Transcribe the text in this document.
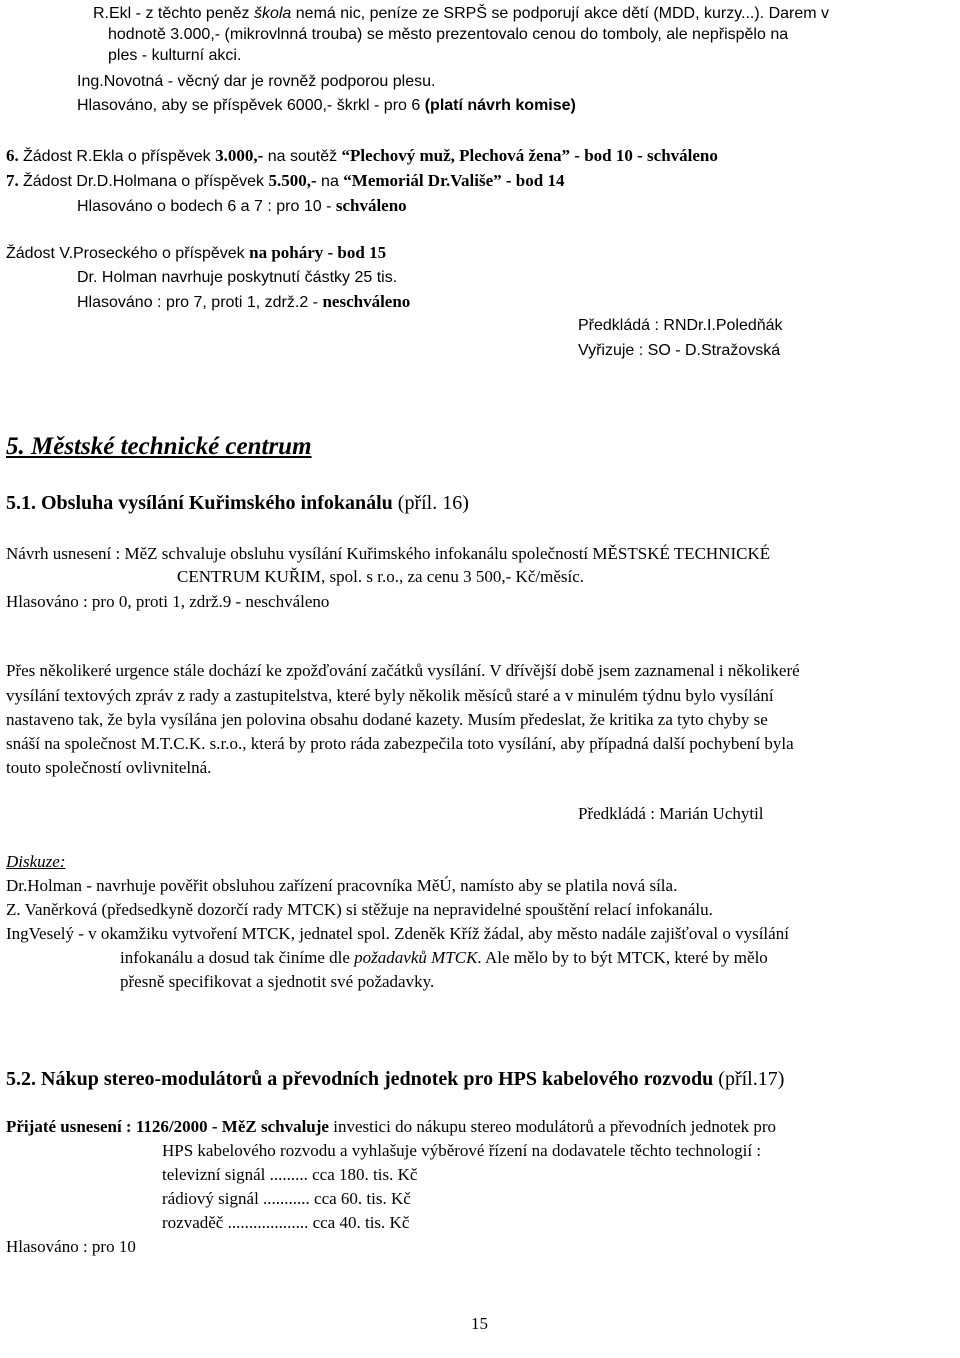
R.Ekl - z těchto peněz škola nemá nic, peníze ze SRPŠ se podporují akce dětí (MDD, kurzy...). Darem v
hodnotě 3.000,- (mikrovlnná trouba) se město prezentovalo cenou do tomboly, ale nepřispělo na
ples - kulturní akci.
Ing.Novotná - věcný dar je rovněž podporou plesu.
Hlasováno, aby se příspěvek 6000,- škrkl - pro 6 (platí návrh komise)
6. Žádost R.Ekla o příspěvek 3.000,- na soutěž “Plechový muž, Plechová žena” - bod 10 - schváleno
7. Žádost Dr.D.Holmana o příspěvek 5.500,- na “Memoriál Dr.Vališe” - bod 14
Hlasováno o bodech 6 a 7 : pro 10 - schváleno
Žádost V.Proseckého o příspěvek na poháry - bod 15
Dr. Holman navrhuje poskytnutí částky 25 tis.
Hlasováno : pro 7, proti 1, zdrž.2 - neschváleno
Předkládá : RNDr.I.Poledňák
Vyřizuje : SO - D.Stražovská
5. Městské technické centrum
5.1. Obsluha vysílání Kuřimského infokanálu (příl. 16)
Návrh usnesení : MěZ schvaluje obsluhu vysílání Kuřimského infokanálu společností MĚSTSKÉ TECHNICKÉ
CENTRUM KUŘIM, spol. s r.o., za cenu 3 500,- Kč/měsíc.
Hlasováno : pro 0, proti 1, zdrž.9 - neschváleno
Přes několikeré urgence stále dochází ke zpožďování začátků vysílání. V dřívější době jsem zaznamenal i několikeré
vysílání textových zpráv z rady a zastupitelstva, které byly několik měsíců staré a v minulém týdnu bylo vysílání
nastaveno tak, že byla vysílána jen polovina obsahu dodané kazety. Musím předeslat, že kritika za tyto chyby se
snáší na společnost M.T.C.K. s.r.o., která by proto ráda zabezpečila toto vysílání, aby případná další pochybení byla
touto společností ovlivnitelná.
Předkládá : Marián Uchytil
Diskuze:
Dr.Holman - navrhuje pověřit obsluhou zařízení pracovníka MěÚ, namísto aby se platila nová síla.
Z. Vaněrková (předsedkyně dozorčí rady MTCK) si stěžuje na nepravidelné spouštění relací infokanálu.
IngVeselý - v okamžiku vytvoření MTCK, jednatel spol. Zdeněk Kříž žádal, aby město nadále zajišťoval o vysílání
infokanálu a dosud tak činíme dle požadavků MTCK. Ale mělo by to být MTCK, které by mělo
přesně specifikovat a sjednotit své požadavky.
5.2. Nákup stereo-modulátorů a převodních jednotek pro HPS kabelového rozvodu (příl.17)
Přijaté usnesení : 1126/2000 - MěZ schvaluje investici do nákupu stereo modulátorů a převodních jednotek pro
HPS kabelového rozvodu a vyhlašuje výběrové řízení na dodavatele těchto technologií :
televizní signál ......... cca 180. tis. Kč
rádiový signál ........... cca 60. tis. Kč
rozvaděč ................... cca 40. tis. Kč
Hlasováno : pro 10
15
